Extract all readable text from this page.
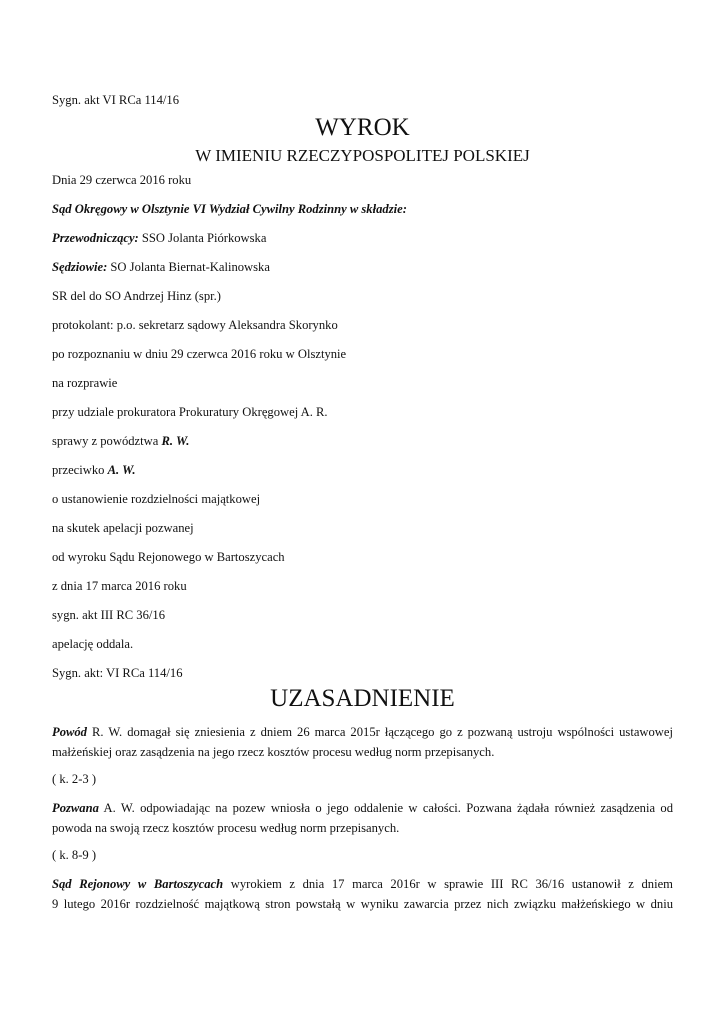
Sygn. akt VI RCa 114/16
WYROK
W IMIENIU RZECZYPOSPOLITEJ POLSKIEJ
Dnia 29 czerwca 2016 roku
Sąd Okręgowy w Olsztynie VI Wydział Cywilny Rodzinny w składzie:
Przewodniczący: SSO Jolanta Piórkowska
Sędziowie: SO Jolanta Biernat-Kalinowska
SR del do SO Andrzej Hinz (spr.)
protokolant: p.o. sekretarz sądowy Aleksandra Skorynko
po rozpoznaniu w dniu 29 czerwca 2016 roku w Olsztynie
na rozprawie
przy udziale prokuratora Prokuratury Okręgowej A. R.
sprawy z powództwa R. W.
przeciwko A. W.
o ustanowienie rozdzielności majątkowej
na skutek apelacji pozwanej
od wyroku Sądu Rejonowego w Bartoszycach
z dnia 17 marca 2016 roku
sygn. akt III RC 36/16
apelację oddala.
Sygn. akt: VI RCa 114/16
UZASADNIENIE
Powód R. W. domagał się zniesienia z dniem 26 marca 2015r łączącego go z pozwaną ustroju wspólności ustawowej
małżeńskiej oraz zasądzenia na jego rzecz kosztów procesu według norm przepisanych.
( k. 2-3 )
Pozwana A. W. odpowiadając na pozew wniosła o jego oddalenie w całości. Pozwana żądała również zasądzenia od
powoda na swoją rzecz kosztów procesu według norm przepisanych.
( k. 8-9 )
Sąd Rejonowy w Bartoszycach wyrokiem z dnia 17 marca 2016r w sprawie III RC 36/16 ustanowił z dniem
9 lutego 2016r rozdzielność majątkową stron powstałą w wyniku zawarcia przez nich związku małżeńskiego w dniu
